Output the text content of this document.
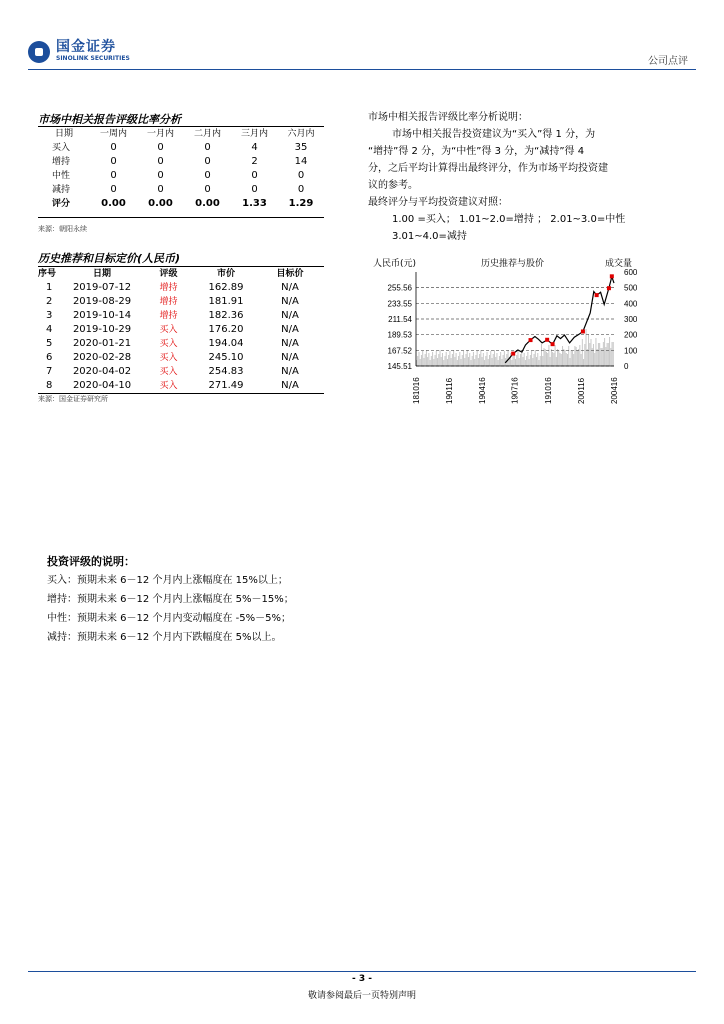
国金证券
SINOLINK SECURITIES	公司点评
市场中相关报告评级比率分析
日期	一周内	一月内	二月内	三月内	六月内
买入	0	0	0	4	35
增持	0	0	0	2	14
中性	0	0	0	0	0
减持	0	0	0	0	0
评分	0.00	0.00	0.00	1.33	1.29
来源：朝阳永续
市场中相关报告评级比率分析说明：
市场中相关报告投资建议为“买入”得 1 分，为
“增持”得 2 分，为“中性”得 3 分，为“减持”得 4
分，之后平均计算得出最终评分，作为市场平均投资建
议的参考。
最终评分与平均投资建议对照：
1.00 =买入； 1.01~2.0=增持 ； 2.01~3.0=中性
3.01~4.0=减持
历史推荐和目标定价(人民币)
序号	日期	评级	市价	目标价
1	2019-07-12	增持	162.89	N/A
2	2019-08-29	增持	181.91	N/A
3	2019-10-14	增持	182.36	N/A
4	2019-10-29	买入	176.20	N/A
5	2020-01-21	买入	194.04	N/A
6	2020-02-28	买入	245.10	N/A
7	2020-04-02	买入	254.83	N/A
8	2020-04-10	买入	271.49	N/A
来源：国金证券研究所
人民币(元)	历史推荐与股价	成交量
255.56
233.55
211.54
189.53
167.52
145.51
600
500
400
300
200
100
0
181016	190116	190416	190716	191016	200116	200416
投资评级的说明：
买入：预期未来 6－12 个月内上涨幅度在 15%以上；
增持：预期未来 6－12 个月内上涨幅度在 5%－15%；
中性：预期未来 6－12 个月内变动幅度在 -5%－5%；
减持：预期未来 6－12 个月内下跌幅度在 5%以上。
- 3 -
敬请参阅最后一页特别声明
